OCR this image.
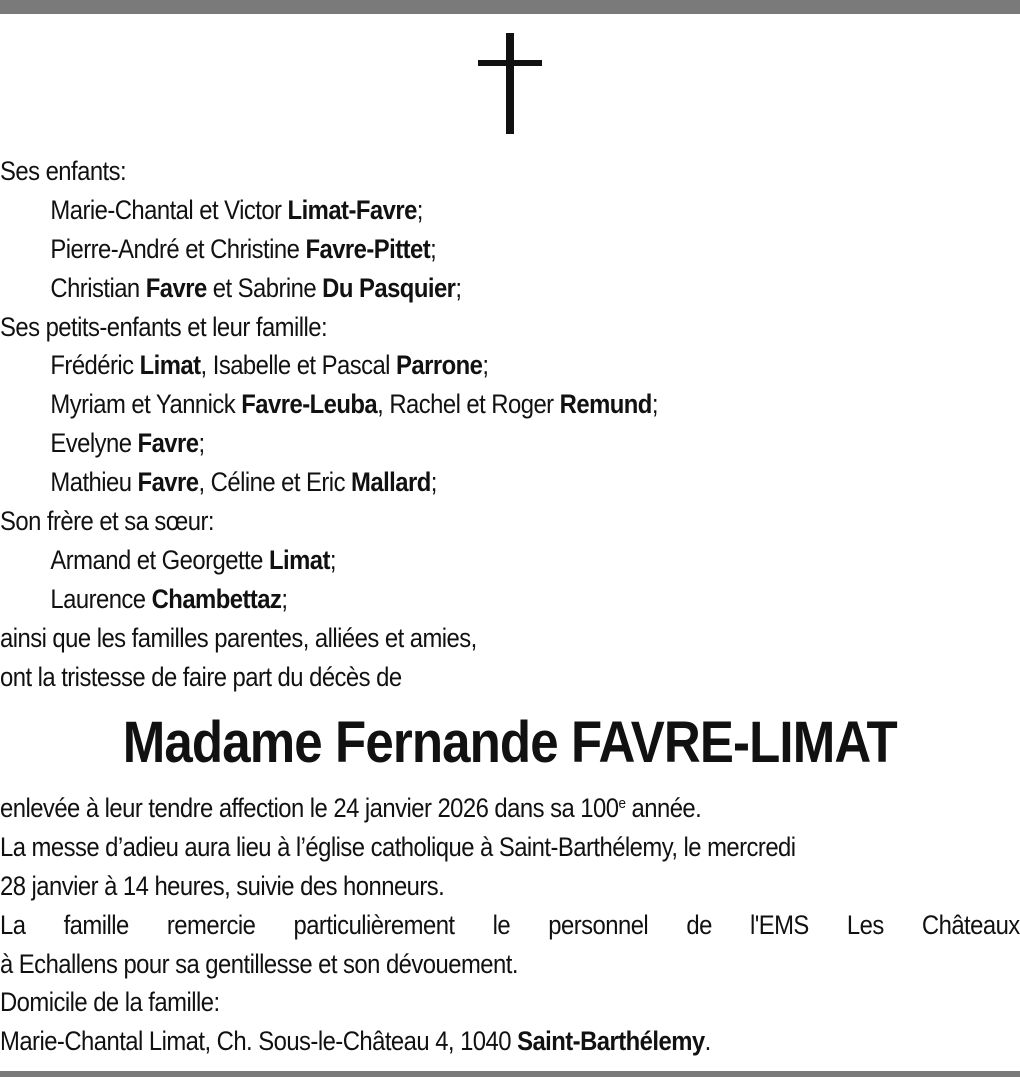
Ses enfants:
Marie-Chantal et Victor Limat-Favre;
Pierre-André et Christine Favre-Pittet;
Christian Favre et Sabrine Du Pasquier;
Ses petits-enfants et leur famille:
Frédéric Limat, Isabelle et Pascal Parrone;
Myriam et Yannick Favre-Leuba, Rachel et Roger Remund;
Evelyne Favre;
Mathieu Favre, Céline et Eric Mallard;
Son frère et sa sœur:
Armand et Georgette Limat;
Laurence Chambettaz;
ainsi que les familles parentes, alliées et amies,
ont la tristesse de faire part du décès de
Madame Fernande FAVRE-LIMAT
enlevée à leur tendre affection le 24 janvier 2026 dans sa 100e année.
La messe d’adieu aura lieu à l’église catholique à Saint-Barthélemy, le mercredi
28 janvier à 14 heures, suivie des honneurs.
La famille remercie particulièrement le personnel de l'EMS Les Châteaux
à Echallens pour sa gentillesse et son dévouement.
Domicile de la famille:
Marie-Chantal Limat, Ch. Sous-le-Château 4, 1040 Saint-Barthélemy.
